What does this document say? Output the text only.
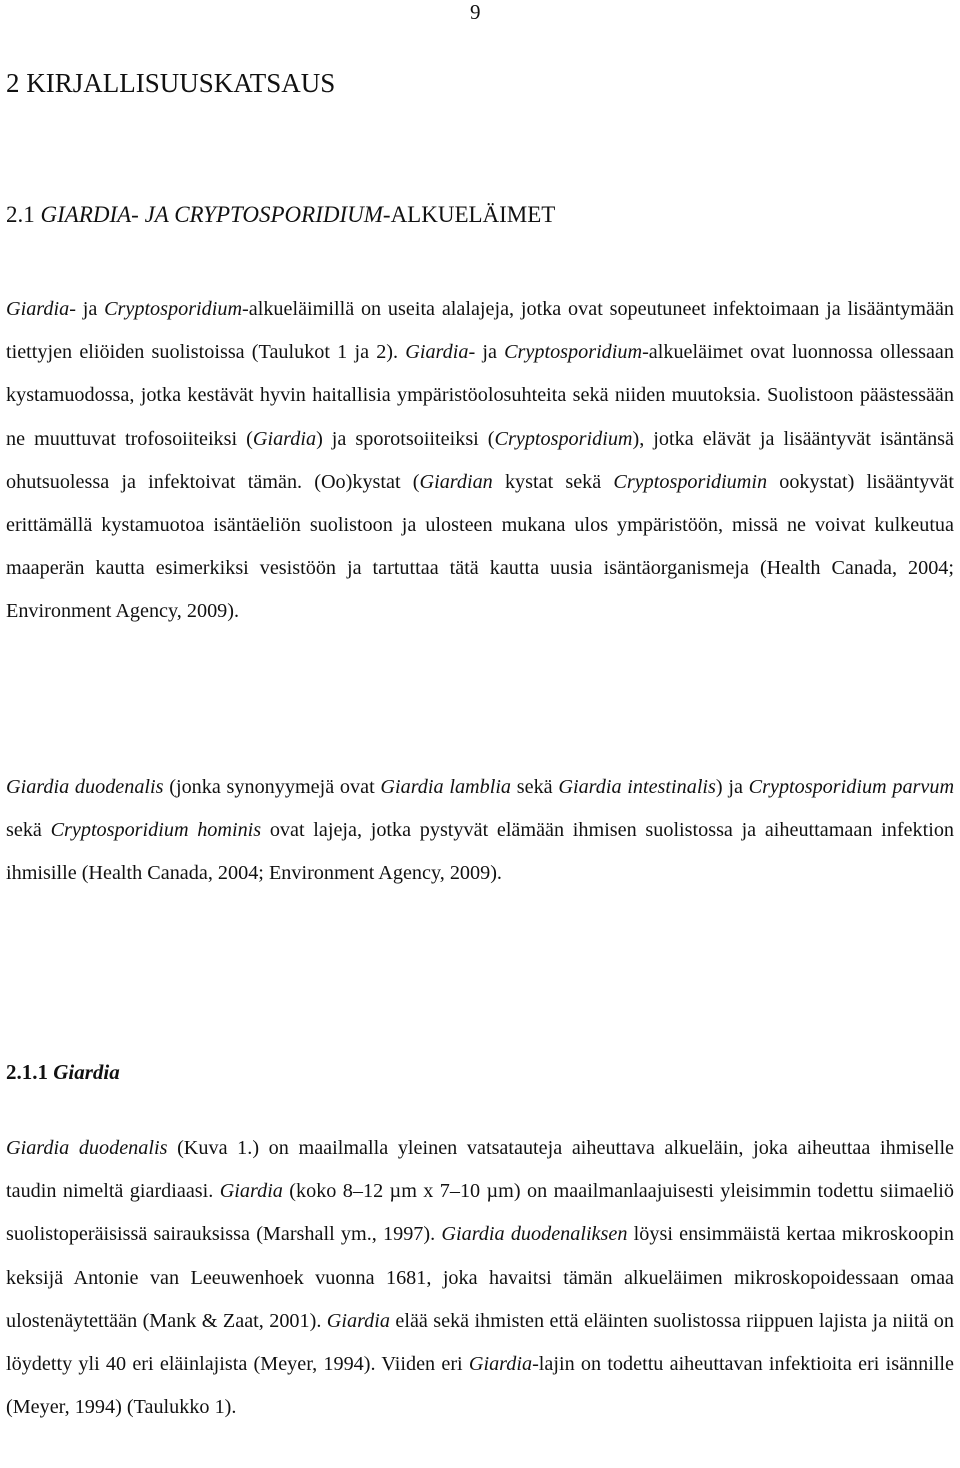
9
2 KIRJALLISUUSKATSAUS
2.1 GIARDIA- JA CRYPTOSPORIDIUM-ALKUELÄIMET

Giardia- ja Cryptosporidium-alkueläimillä on useita alalajeja, jotka ovat sopeutuneet infektoimaan ja lisääntymään tiettyjen eliöiden suolistoissa (Taulukot 1 ja 2). Giardia- ja Cryptosporidium-alkueläimet ovat luonnossa ollessaan kystamuodossa, jotka kestävät hyvin haitallisia ympäristöolosuhteita sekä niiden muutoksia. Suolistoon päästessään ne muuttuvat trofosoiiteiksi (Giardia) ja sporotsoiiteiksi (Cryptosporidium), jotka elävät ja lisääntyvät isäntänsä ohutsuolessa ja infektoivat tämän. (Oo)kystat (Giardian kystat sekä Cryptosporidiumin ookystat) lisääntyvät erittämällä kystamuotoa isäntäeliön suolistoon ja ulosteen mukana ulos ympäristöön, missä ne voivat kulkeutua maaperän kautta esimerkiksi vesistöön ja tartuttaa tätä kautta uusia isäntäorganismeja (Health Canada, 2004; Environment Agency, 2009).

Giardia duodenalis (jonka synonyymejä ovat Giardia lamblia sekä Giardia intestinalis) ja Cryptosporidium parvum sekä Cryptosporidium hominis ovat lajeja, jotka pystyvät elämään ihmisen suolistossa ja aiheuttamaan infektion ihmisille (Health Canada, 2004; Environment Agency, 2009).

2.1.1 Giardia

Giardia duodenalis (Kuva 1.) on maailmalla yleinen vatsatauteja aiheuttava alkueläin, joka aiheuttaa ihmiselle taudin nimeltä giardiaasi. Giardia (koko 8–12 µm x 7–10 µm) on maailmanlaajuisesti yleisimmin todettu siimaeliö suolistoperäisissä sairauksissa (Marshall ym., 1997). Giardia duodenaliksen löysi ensimmäistä kertaa mikroskoopin keksijä Antonie van Leeuwenhoek vuonna 1681, joka havaitsi tämän alkueläimen mikroskopoidessaan omaa ulostenäytettään (Mank & Zaat, 2001). Giardia elää sekä ihmisten että eläinten suolistossa riippuen lajista ja niitä on löydetty yli 40 eri eläinlajista (Meyer, 1994). Viiden eri Giardia-lajin on todettu aiheuttavan infektioita eri isännille (Meyer, 1994) (Taulukko 1).
